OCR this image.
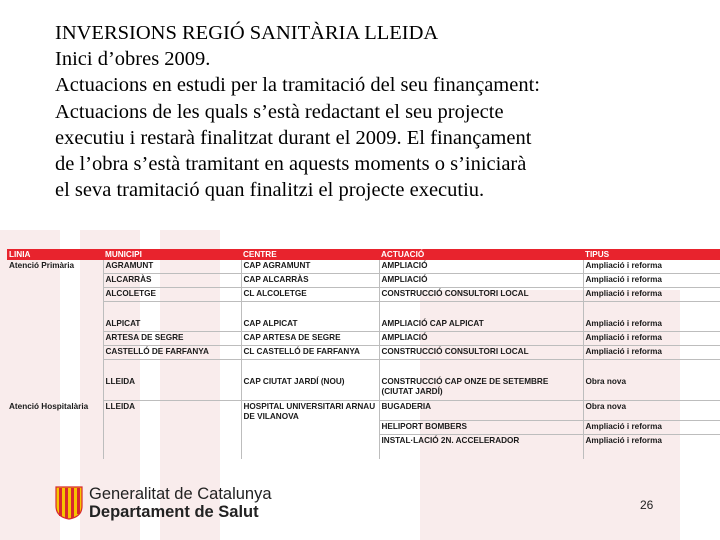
INVERSIONS REGIÓ SANITÀRIA LLEIDA
Inici d’obres 2009.
Actuacions en estudi per la tramitació del seu finançament:
Actuacions de les quals s’està redactant el seu projecte
executiu i restarà finalitzat durant el 2009. El finançament
de l’obra s’està tramitant en aquests moments o s’iniciarà
el seva tramitació quan finalitzi el projecte executiu.
LINIA	MUNICIPI	CENTRE	ACTUACIÓ	TIPUS
Atenció Primària	AGRAMUNT	CAP AGRAMUNT	AMPLIACIÓ	Ampliació i reforma
	ALCARRÀS	CAP ALCARRÀS	AMPLIACIÓ	Ampliació i reforma
	ALCOLETGE	CL ALCOLETGE	CONSTRUCCIÓ CONSULTORI LOCAL	Ampliació i reforma

	ALPICAT	CAP ALPICAT	AMPLIACIÓ CAP ALPICAT	Ampliació i reforma
	ARTESA DE SEGRE	CAP ARTESA DE SEGRE	AMPLIACIÓ	Ampliació i reforma
	CASTELLÓ DE FARFANYA	CL CASTELLÓ DE FARFANYA	CONSTRUCCIÓ CONSULTORI LOCAL	Ampliació i reforma

	LLEIDA	CAP CIUTAT JARDÍ (NOU)	CONSTRUCCIÓ CAP ONZE DE SETEMBRE (CIUTAT JARDÍ)	Obra nova
Atenció Hospitalària	LLEIDA	HOSPITAL UNIVERSITARI ARNAU DE VILANOVA	BUGADERIA	Obra nova
			HELIPORT BOMBERS	Ampliació i reforma
			INSTAL·LACIÓ 2N. ACCELERADOR	Ampliació i reforma
Generalitat de Catalunya
Departament de Salut	26
